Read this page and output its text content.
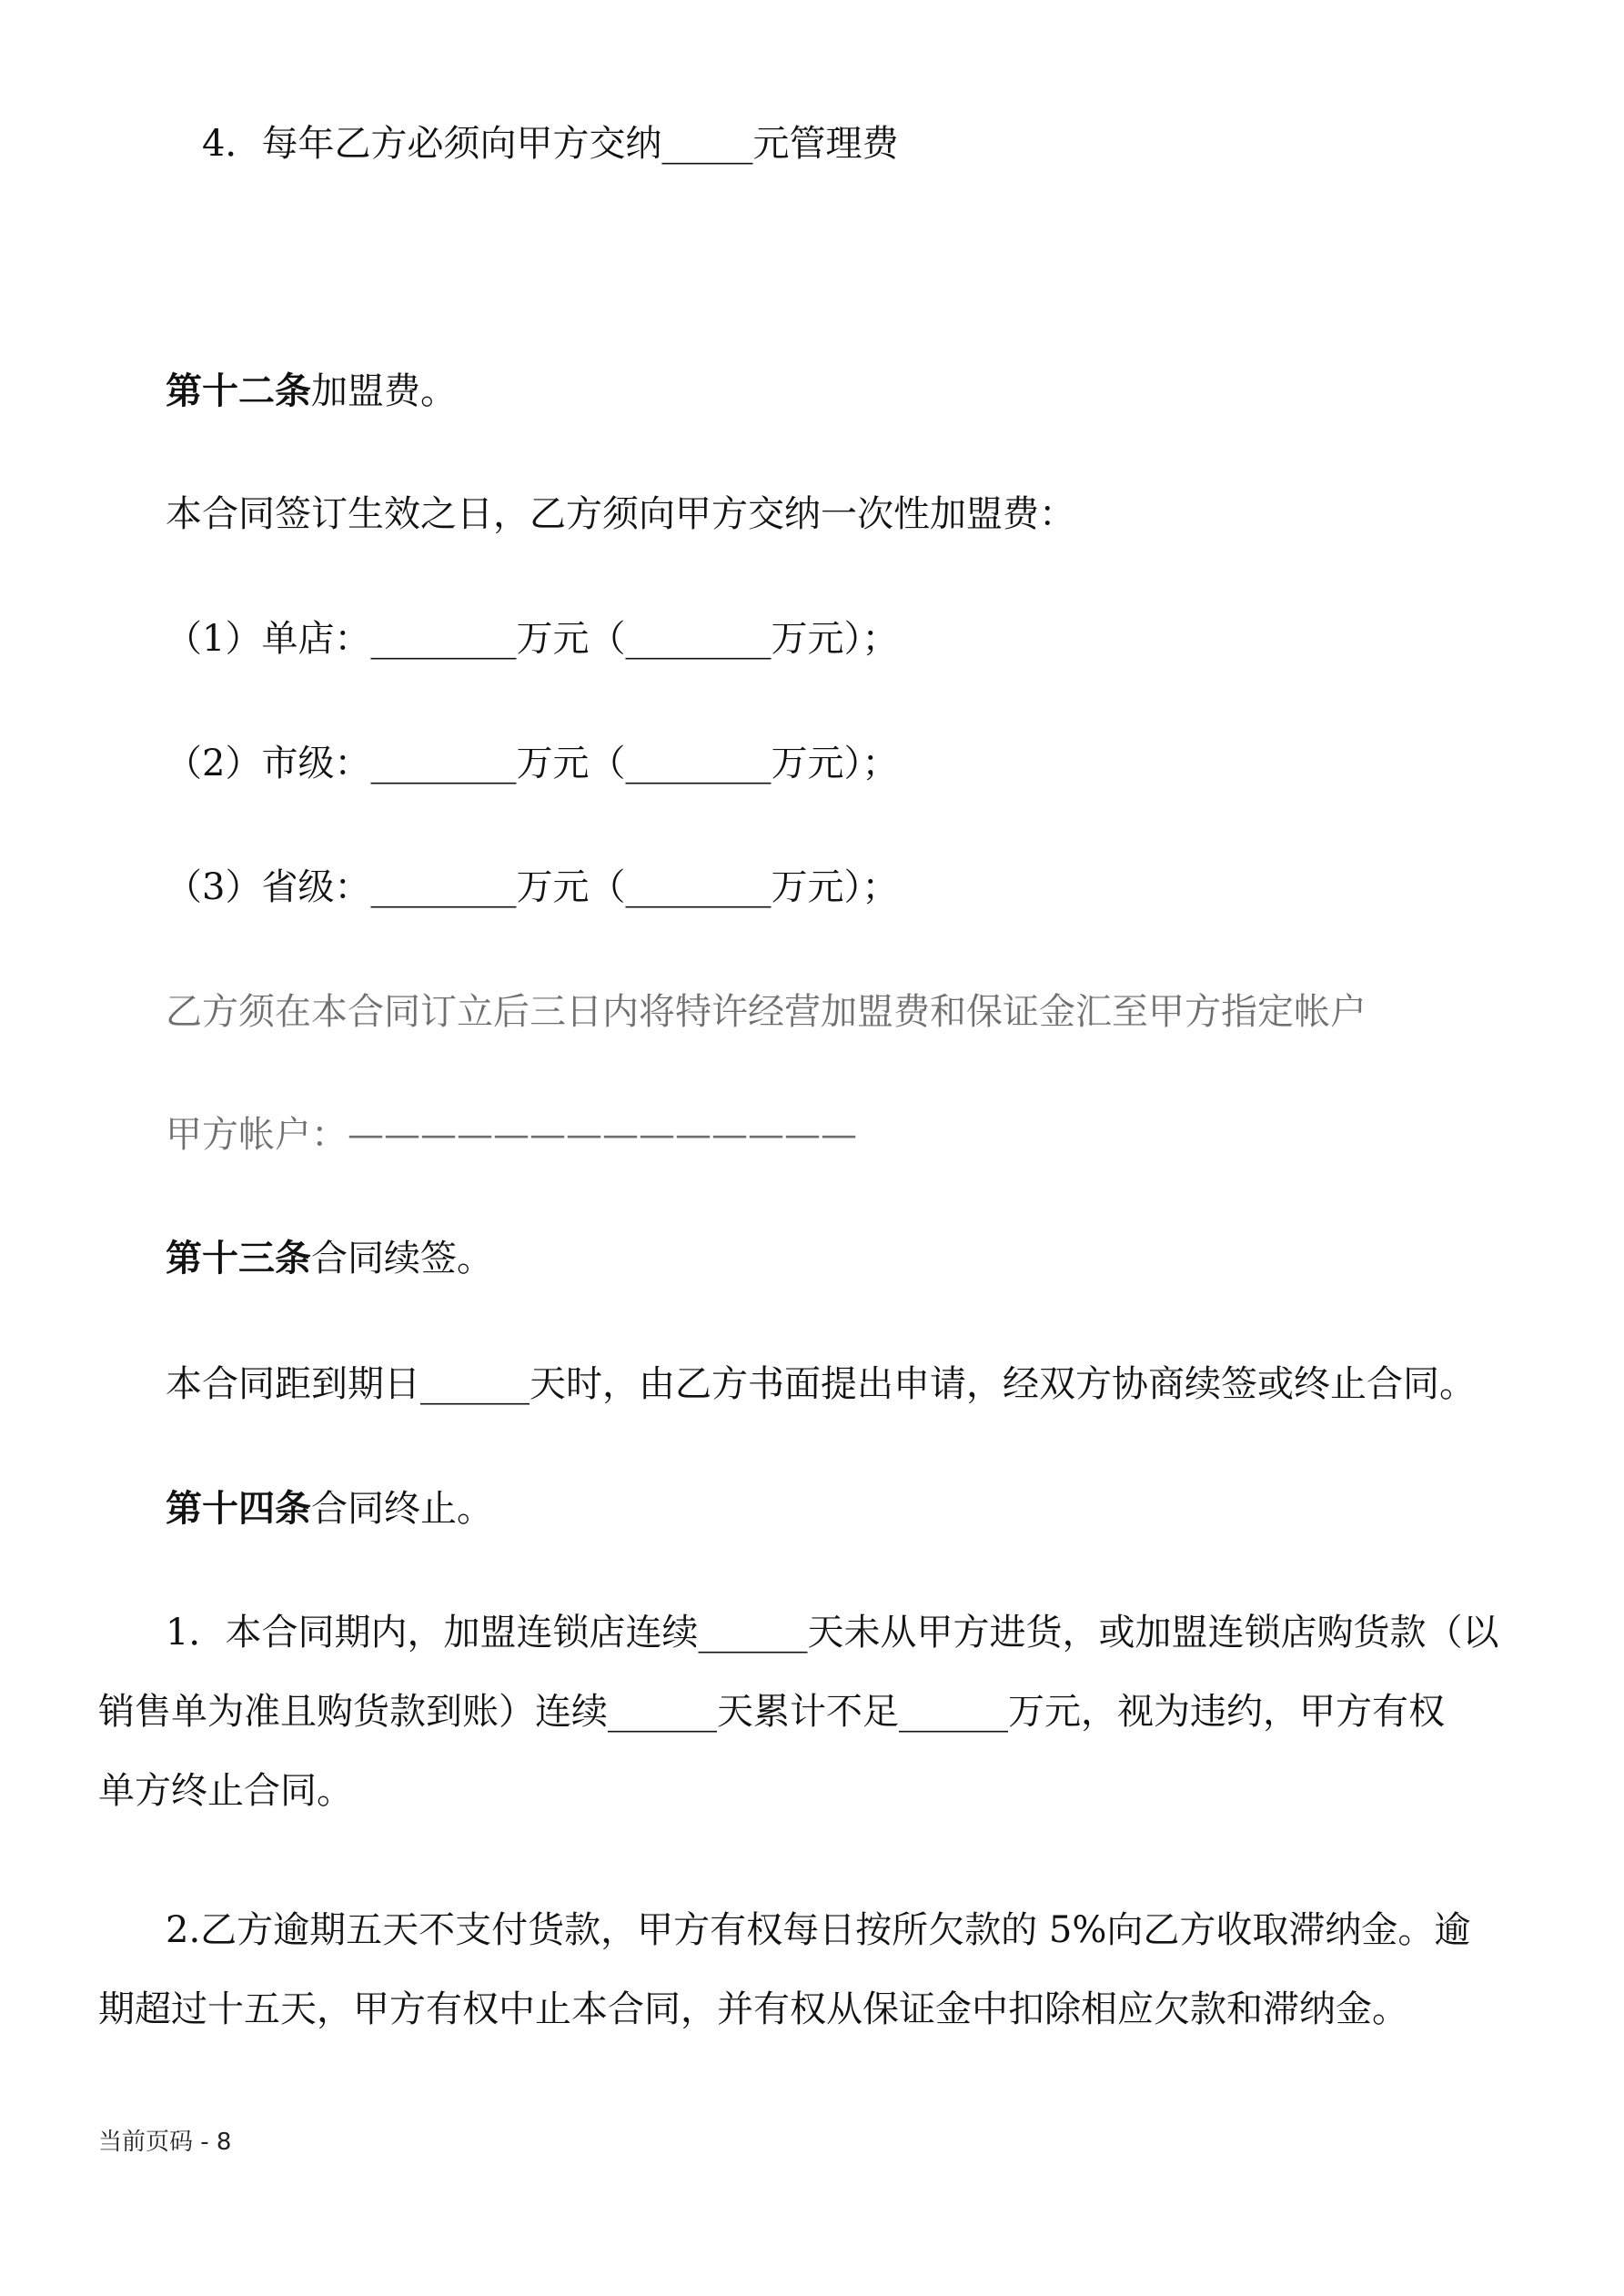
4．每年乙方必须向甲方交纳_____元管理费
第十二条加盟费。
本合同签订生效之日，乙方须向甲方交纳一次性加盟费：
（1）单店：________万元（________万元）；
（2）市级：________万元（________万元）；
（3）省级：________万元（________万元）；
乙方须在本合同订立后三日内将特许经营加盟费和保证金汇至甲方指定帐户
甲方帐户：——————————————
第十三条合同续签。
本合同距到期日______天时，由乙方书面提出申请，经双方协商续签或终止合同。
第十四条合同终止。
1．本合同期内，加盟连锁店连续______天未从甲方进货，或加盟连锁店购货款（以
销售单为准且购货款到账）连续______天累计不足______万元，视为违约，甲方有权
单方终止合同。
2.乙方逾期五天不支付货款，甲方有权每日按所欠款的 5%向乙方收取滞纳金。逾
期超过十五天，甲方有权中止本合同，并有权从保证金中扣除相应欠款和滞纳金。
当前页码 - 8
